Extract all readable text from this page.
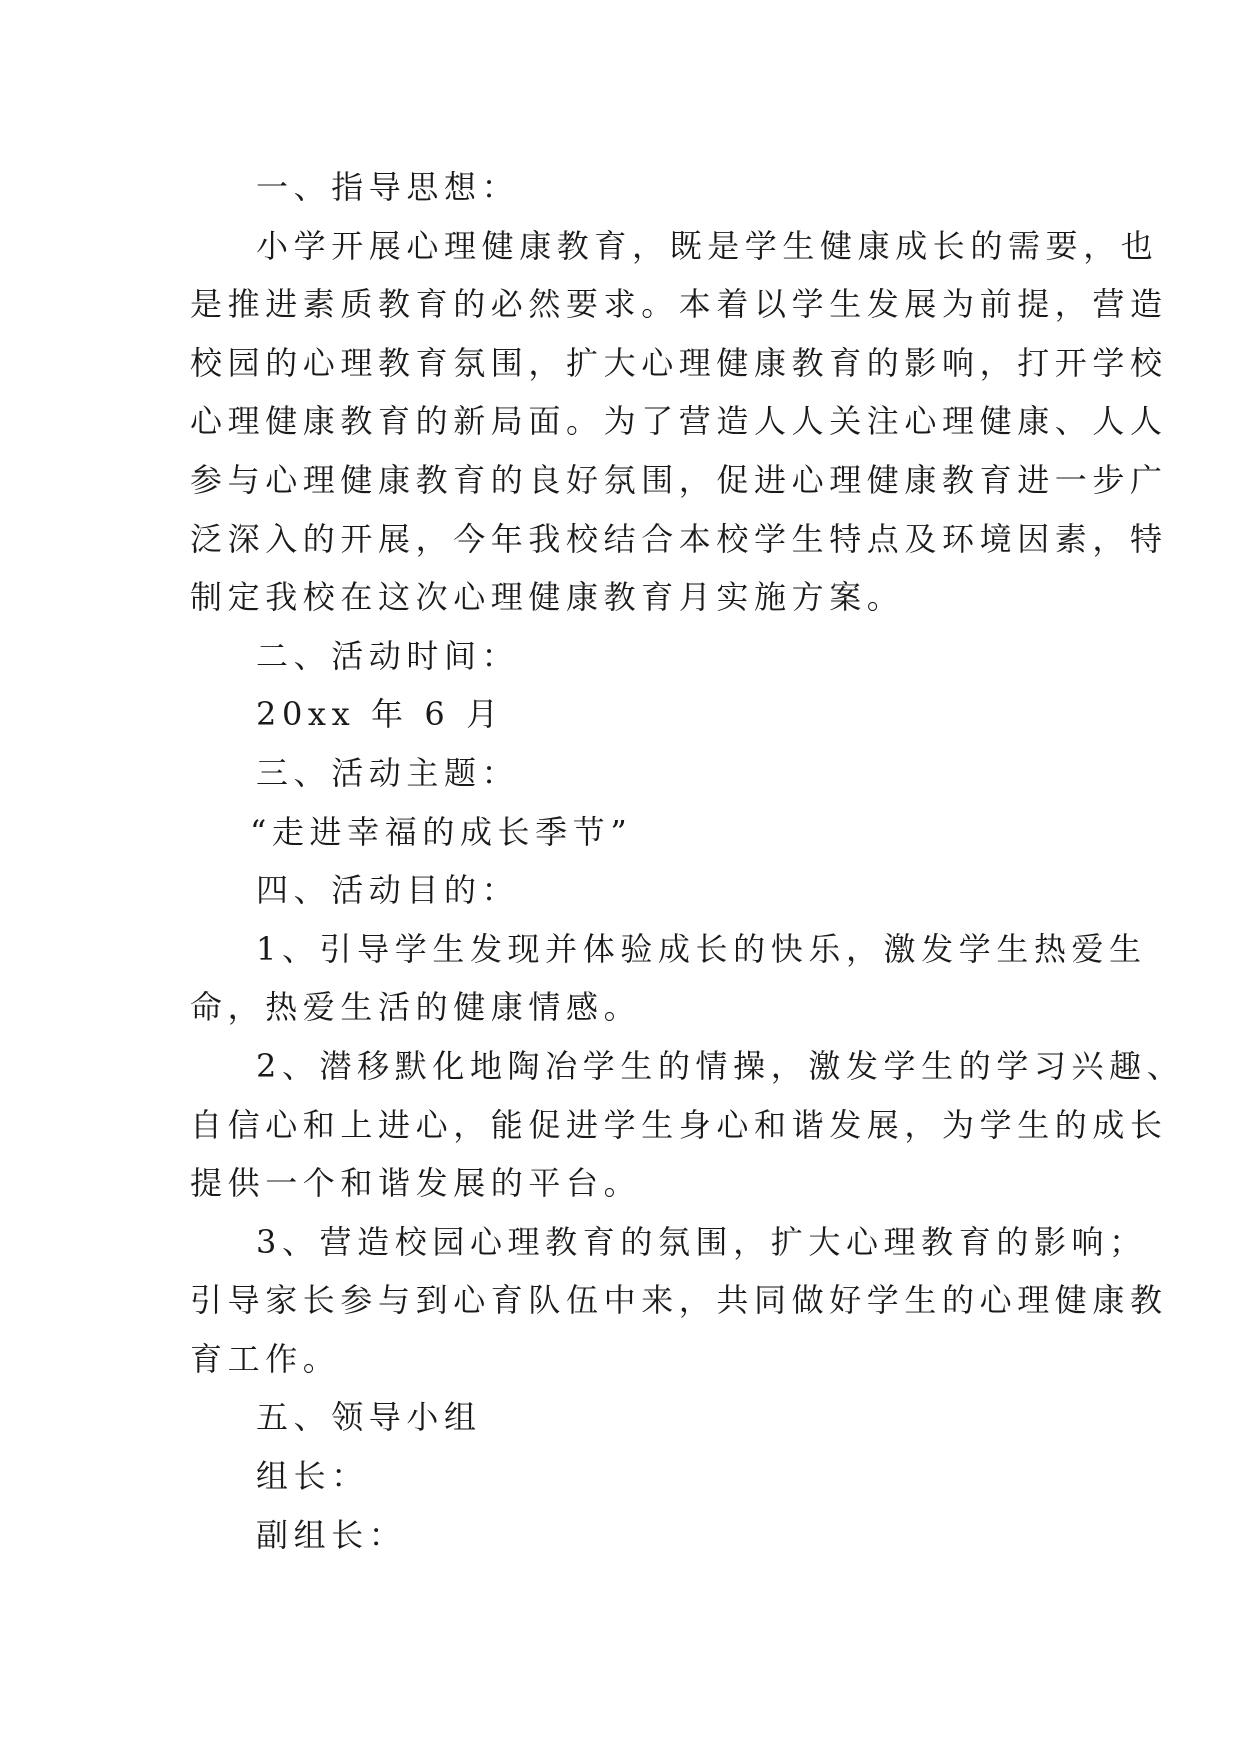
一、指导思想：
小学开展心理健康教育，既是学生健康成长的需要，也
是推进素质教育的必然要求。本着以学生发展为前提，营造
校园的心理教育氛围，扩大心理健康教育的影响，打开学校
心理健康教育的新局面。为了营造人人关注心理健康、人人
参与心理健康教育的良好氛围，促进心理健康教育进一步广
泛深入的开展，今年我校结合本校学生特点及环境因素，特
制定我校在这次心理健康教育月实施方案。
二、活动时间：
20xx 年 6 月
三、活动主题：
“走进幸福的成长季节”
四、活动目的：
1、引导学生发现并体验成长的快乐，激发学生热爱生
命，热爱生活的健康情感。
2、潜移默化地陶冶学生的情操，激发学生的学习兴趣、
自信心和上进心，能促进学生身心和谐发展，为学生的成长
提供一个和谐发展的平台。
3、营造校园心理教育的氛围，扩大心理教育的影响；
引导家长参与到心育队伍中来，共同做好学生的心理健康教
育工作。
五、领导小组
组长：
副组长：
